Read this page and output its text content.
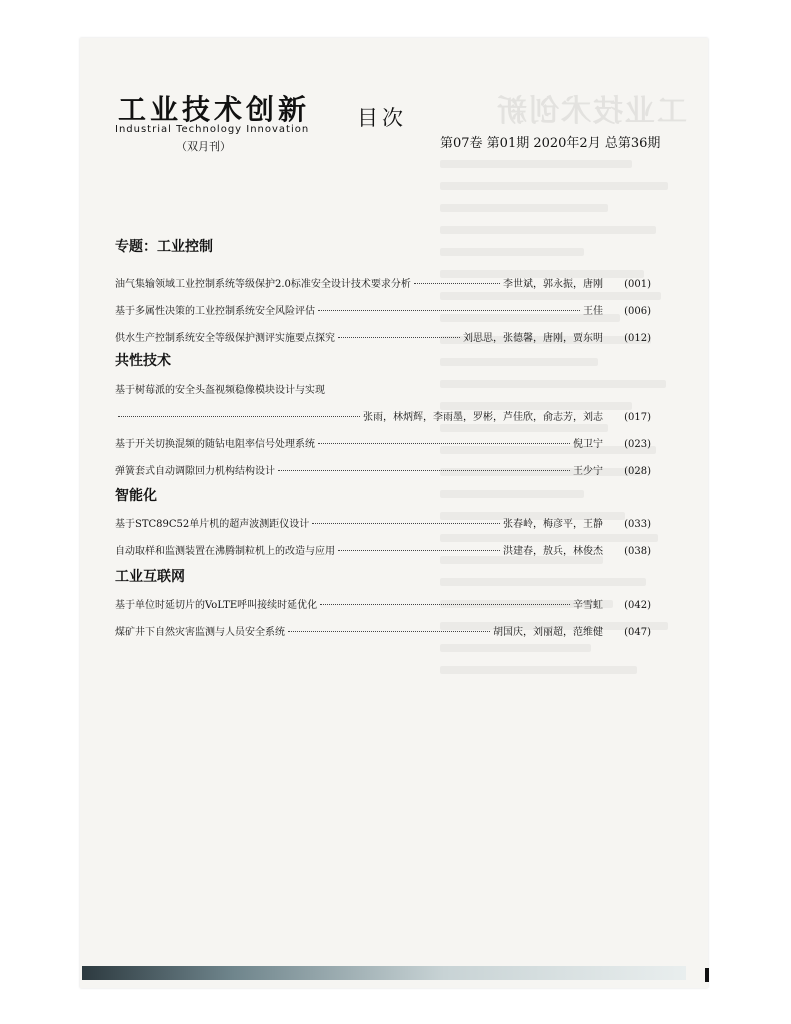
工业技术创新
工业技术创新
Industrial Technology Innovation
（双月刊）
目次
第07卷 第01期 2020年2月 总第36期
专题：工业控制
油气集输领域工业控制系统等级保护2.0标准安全设计技术要求分析	李世斌，郭永振，唐刚	(001)
基于多属性决策的工业控制系统安全风险评估	王佳	(006)
供水生产控制系统安全等级保护测评实施要点探究	刘思思，张德馨，唐刚，贾东明	(012)
共性技术
基于树莓派的安全头盔视频稳像模块设计与实现
张雨，林炳辉，李雨墨，罗彬，芦佳欣，俞志芳，刘志	(017)
基于开关切换混频的随钻电阻率信号处理系统	倪卫宁	(023)
弹簧套式自动调隙回力机构结构设计	王少宁	(028)
智能化
基于STC89C52单片机的超声波测距仪设计	张春岭，梅彦平，王静	(033)
自动取样和监测装置在沸腾制粒机上的改造与应用	洪建春，敖兵，林俊杰	(038)
工业互联网
基于单位时延切片的VoLTE呼叫接续时延优化	辛雪虹	(042)
煤矿井下自然灾害监测与人员安全系统	胡国庆，刘丽超，范维健	(047)
